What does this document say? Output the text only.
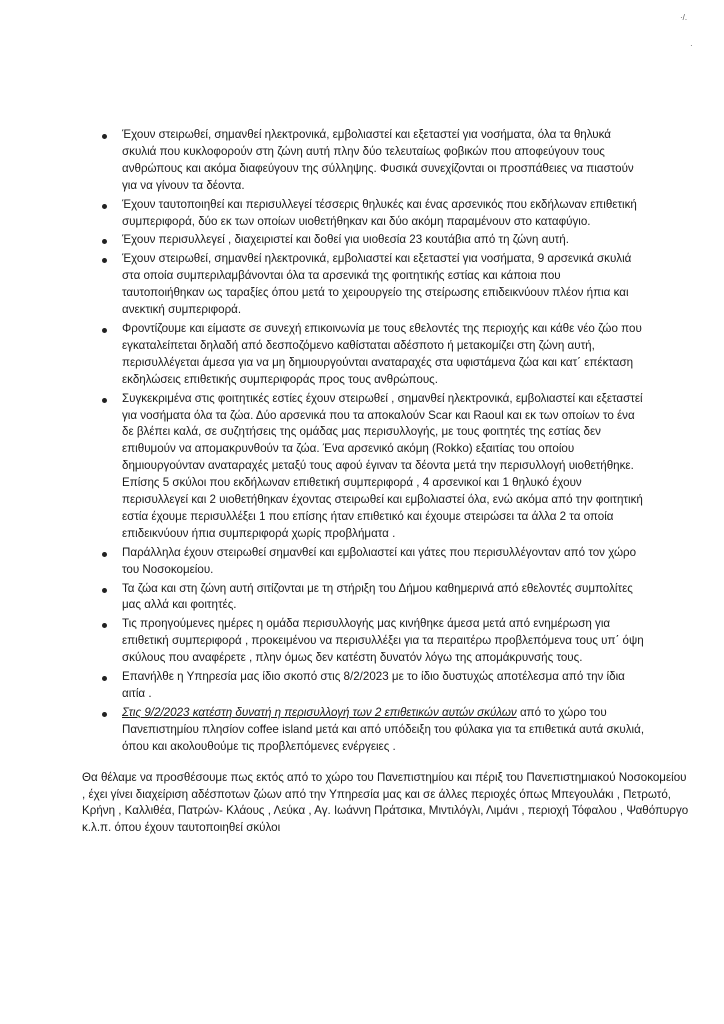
·/.
·
Έχουν στειρωθεί, σημανθεί ηλεκτρονικά, εμβολιαστεί και εξεταστεί για νοσήματα, όλα τα θηλυκά σκυλιά που κυκλοφορούν στη ζώνη αυτή πλην δύο τελευταίως φοβικών που αποφεύγουν τους
ανθρώπους και ακόμα διαφεύγουν της σύλληψης. Φυσικά συνεχίζονται οι προσπάθειες να πιαστούν για να γίνουν τα δέοντα.
Έχουν ταυτοποιηθεί και περισυλλεγεί τέσσερις θηλυκές και ένας αρσενικός που εκδήλωναν επιθετική συμπεριφορά, δύο εκ των οποίων υιοθετήθηκαν και δύο ακόμη παραμένουν στο καταφύγιο.
Έχουν περισυλλεγεί , διαχειριστεί και δοθεί για υιοθεσία 23 κουτάβια από τη ζώνη αυτή.
Έχουν στειρωθεί, σημανθεί ηλεκτρονικά, εμβολιαστεί και εξεταστεί για νοσήματα, 9 αρσενικά σκυλιά στα οποία συμπεριλαμβάνονται όλα τα αρσενικά της φοιτητικής εστίας και κάποια που ταυτοποιήθηκαν ως ταραξίες όπου μετά το χειρουργείο της στείρωσης επιδεικνύουν πλέον ήπια και ανεκτική συμπεριφορά.
Φροντίζουμε και είμαστε σε συνεχή επικοινωνία με τους εθελοντές της περιοχής και κάθε νέο ζώο που εγκαταλείπεται δηλαδή από δεσποζόμενο καθίσταται αδέσποτο ή μετακομίζει στη ζώνη αυτή, περισυλλέγεται άμεσα για να μη δημιουργούνται αναταραχές στα υφιστάμενα ζώα και κατ΄ επέκταση εκδηλώσεις επιθετικής συμπεριφοράς προς τους ανθρώπους.
Συγκεκριμένα στις φοιτητικές εστίες έχουν στειρωθεί , σημανθεί ηλεκτρονικά, εμβολιαστεί και εξεταστεί για νοσήματα όλα τα ζώα. Δύο αρσενικά που τα αποκαλούν Scar και Raoul και εκ των οποίων το ένα δε βλέπει καλά, σε συζητήσεις της ομάδας μας περισυλλογής, με τους φοιτητές της εστίας δεν επιθυμούν να απομακρυνθούν τα ζώα. Ένα αρσενικό ακόμη (Rokko) εξαιτίας του οποίου δημιουργούνταν αναταραχές μεταξύ τους αφού έγιναν τα δέοντα μετά την περισυλλογή υιοθετήθηκε.
Επίσης 5 σκύλοι που εκδήλωναν επιθετική συμπεριφορά , 4 αρσενικοί και 1 θηλυκό έχουν περισυλλεγεί και 2 υιοθετήθηκαν έχοντας στειρωθεί και εμβολιαστεί όλα, ενώ ακόμα από την φοιτητική εστία έχουμε περισυλλέξει 1 που επίσης ήταν επιθετικό και έχουμε στειρώσει τα άλλα 2 τα οποία επιδεικνύουν ήπια συμπεριφορά χωρίς προβλήματα .
Παράλληλα έχουν στειρωθεί σημανθεί και εμβολιαστεί και γάτες που περισυλλέγονταν από τον χώρο του Νοσοκομείου.
Τα ζώα και στη ζώνη αυτή σιτίζονται με τη στήριξη του Δήμου καθημερινά από εθελοντές συμπολίτες μας αλλά και φοιτητές.
Τις προηγούμενες ημέρες η ομάδα περισυλλογής μας κινήθηκε άμεσα μετά από ενημέρωση για επιθετική συμπεριφορά , προκειμένου να περισυλλέξει για τα περαιτέρω προβλεπόμενα τους υπ΄ όψη σκύλους που αναφέρετε , πλην όμως δεν κατέστη δυνατόν λόγω της απομάκρυνσής τους.
Επανήλθε η Υπηρεσία μας ίδιο σκοπό στις 8/2/2023 με το ίδιο δυστυχώς αποτέλεσμα από την ίδια αιτία .
Στις 9/2/2023 κατέστη δυνατή η περισυλλογή των 2 επιθετικών αυτών σκύλων από το χώρο του Πανεπιστημίου πλησίον coffee island μετά και από υπόδειξη του φύλακα για τα επιθετικά αυτά σκυλιά, όπου και ακολουθούμε τις προβλεπόμενες ενέργειες .

Θα θέλαμε να προσθέσουμε πως εκτός από το χώρο του Πανεπιστημίου και πέριξ του Πανεπιστημιακού Νοσοκομείου , έχει γίνει διαχείριση αδέσποτων ζώων από την Υπηρεσία μας και σε άλλες περιοχές όπως Μπεγουλάκι , Πετρωτό, Κρήνη , Καλλιθέα, Πατρών- Κλάους , Λεύκα , Αγ. Ιωάννη Πράτσικα, Μιντιλόγλι, Λιμάνι , περιοχή Τόφαλου , Ψαθόπυργο κ.λ.π. όπου έχουν ταυτοποιηθεί σκύλοι
